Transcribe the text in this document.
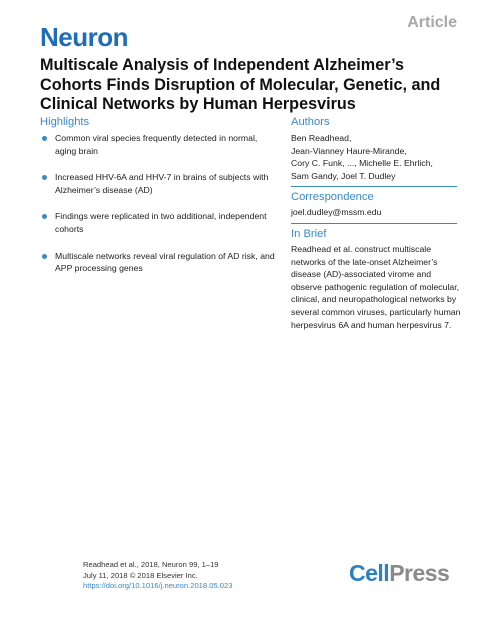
Neuron	Article
Multiscale Analysis of Independent Alzheimer’s Cohorts Finds Disruption of Molecular, Genetic, and Clinical Networks by Human Herpesvirus
Highlights
Common viral species frequently detected in normal, aging brain
Increased HHV-6A and HHV-7 in brains of subjects with Alzheimer’s disease (AD)
Findings were replicated in two additional, independent cohorts
Multiscale networks reveal viral regulation of AD risk, and APP processing genes
Authors
Ben Readhead,
Jean-Vianney Haure-Mirande,
Cory C. Funk, ..., Michelle E. Ehrlich,
Sam Gandy, Joel T. Dudley
Correspondence
joel.dudley@mssm.edu
In Brief
Readhead et al. construct multiscale networks of the late-onset Alzheimer’s disease (AD)-associated virome and observe pathogenic regulation of molecular, clinical, and neuropathological networks by several common viruses, particularly human herpesvirus 6A and human herpesvirus 7.
Readhead et al., 2018, Neuron 99, 1–19
July 11, 2018 © 2018 Elsevier Inc.
https://doi.org/10.1016/j.neuron.2018.05.023	CellPress
